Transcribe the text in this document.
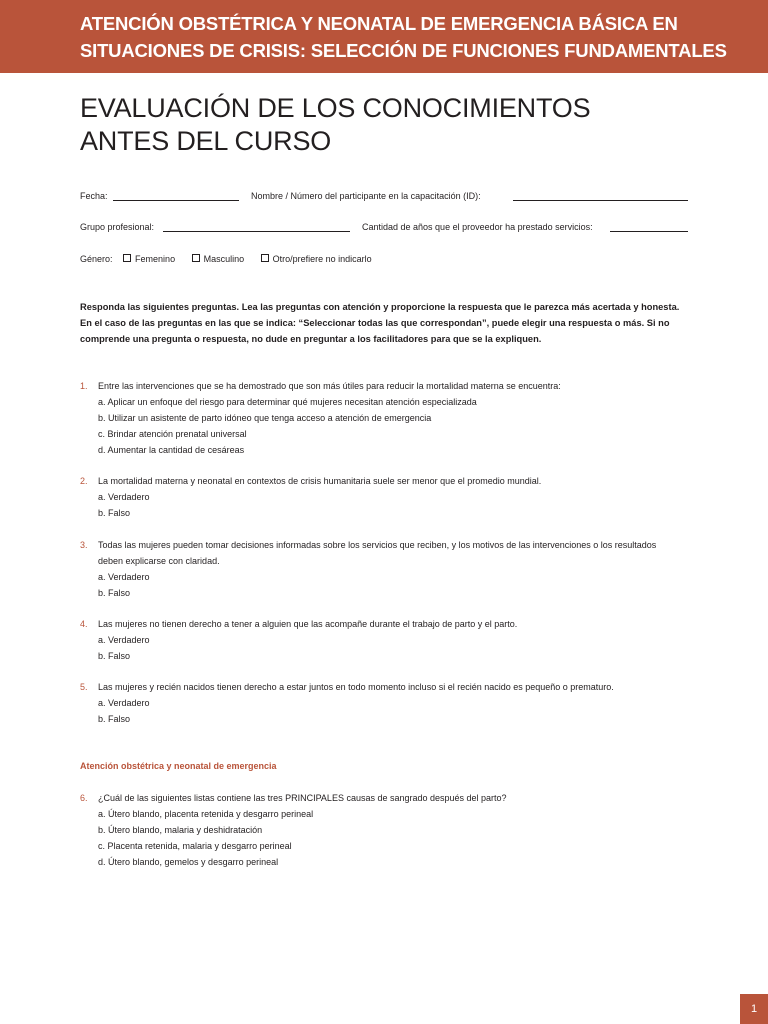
ATENCIÓN OBSTÉTRICA Y NEONATAL DE EMERGENCIA BÁSICA EN
SITUACIONES DE CRISIS: SELECCIÓN DE FUNCIONES FUNDAMENTALES
EVALUACIÓN DE LOS CONOCIMIENTOS
ANTES DEL CURSO
Fecha:	Nombre / Número del participante en la capacitación (ID):
Grupo profesional:	Cantidad de años que el proveedor ha prestado servicios:
Género:	Femenino	Masculino	Otro/prefiere no indicarlo

Responda las siguientes preguntas. Lea las preguntas con atención y proporcione la respuesta que le parezca más acertada y honesta. En el caso de las preguntas en las que se indica: “Seleccionar todas las que correspondan”, puede elegir una respuesta o más. Si no comprende una pregunta o respuesta, no dude en preguntar a los facilitadores para que se la expliquen.

1. Entre las intervenciones que se ha demostrado que son más útiles para reducir la mortalidad materna se encuentra:
a. Aplicar un enfoque del riesgo para determinar qué mujeres necesitan atención especializada
b. Utilizar un asistente de parto idóneo que tenga acceso a atención de emergencia
c. Brindar atención prenatal universal
d. Aumentar la cantidad de cesáreas
2. La mortalidad materna y neonatal en contextos de crisis humanitaria suele ser menor que el promedio mundial.
a. Verdadero
b. Falso
3. Todas las mujeres pueden tomar decisiones informadas sobre los servicios que reciben, y los motivos de las intervenciones o los resultados deben explicarse con claridad.
a. Verdadero
b. Falso
4. Las mujeres no tienen derecho a tener a alguien que las acompañe durante el trabajo de parto y el parto.
a. Verdadero
b. Falso
5. Las mujeres y recién nacidos tienen derecho a estar juntos en todo momento incluso si el recién nacido es pequeño o prematuro.
a. Verdadero
b. Falso
Atención obstétrica y neonatal de emergencia
6. ¿Cuál de las siguientes listas contiene las tres PRINCIPALES causas de sangrado después del parto?
a. Útero blando, placenta retenida y desgarro perineal
b. Útero blando, malaria y deshidratación
c. Placenta retenida, malaria y desgarro perineal
d. Útero blando, gemelos y desgarro perineal
1
